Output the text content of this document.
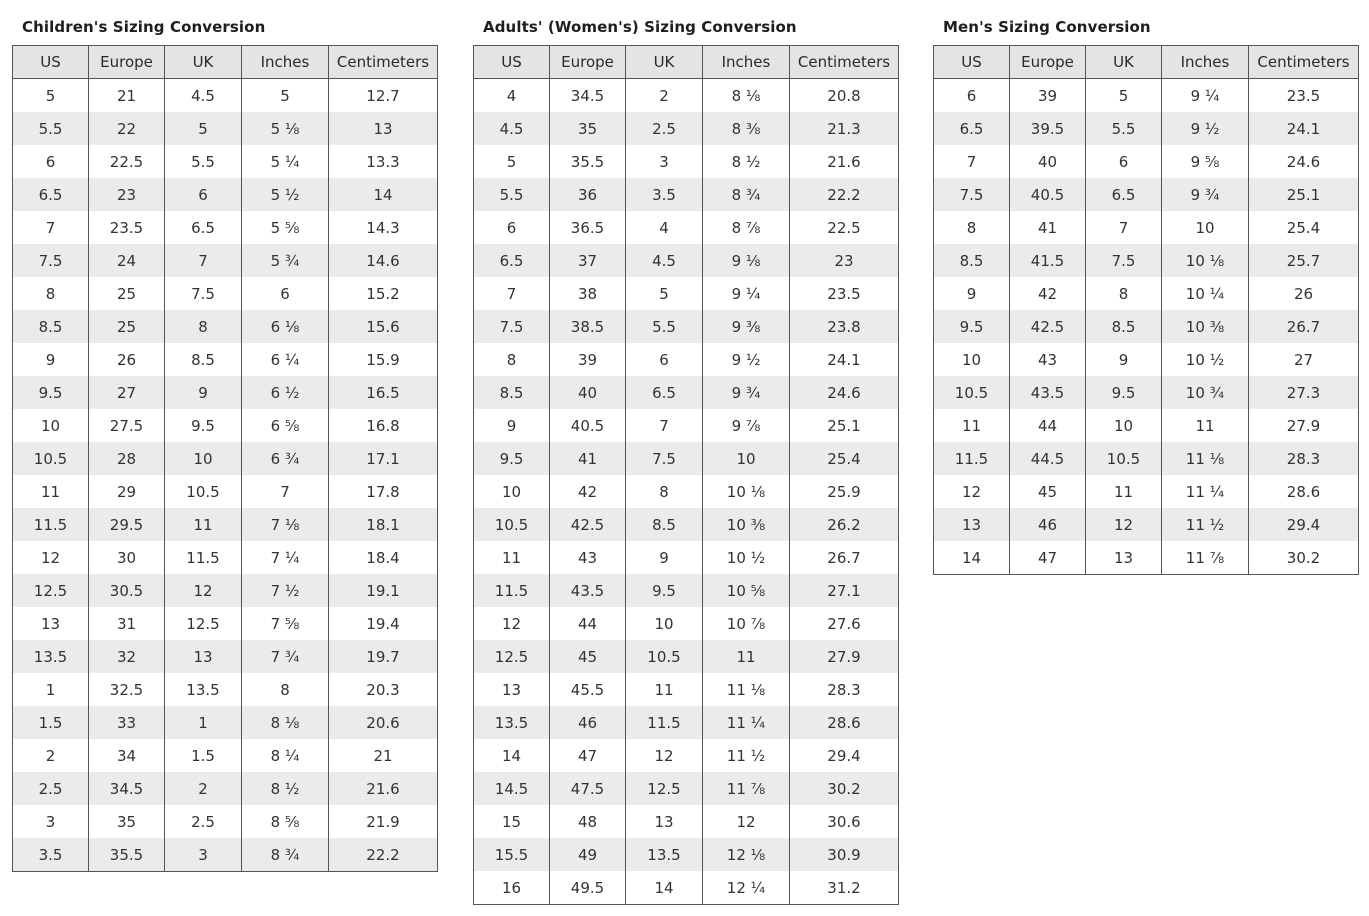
Children's Sizing Conversion
US	Europe	UK	Inches	Centimeters
5	21	4.5	5	12.7
5.5	22	5	5 ⅛	13
6	22.5	5.5	5 ¼	13.3
6.5	23	6	5 ½	14
7	23.5	6.5	5 ⅝	14.3
7.5	24	7	5 ¾	14.6
8	25	7.5	6	15.2
8.5	25	8	6 ⅛	15.6
9	26	8.5	6 ¼	15.9
9.5	27	9	6 ½	16.5
10	27.5	9.5	6 ⅝	16.8
10.5	28	10	6 ¾	17.1
11	29	10.5	7	17.8
11.5	29.5	11	7 ⅛	18.1
12	30	11.5	7 ¼	18.4
12.5	30.5	12	7 ½	19.1
13	31	12.5	7 ⅝	19.4
13.5	32	13	7 ¾	19.7
1	32.5	13.5	8	20.3
1.5	33	1	8 ⅛	20.6
2	34	1.5	8 ¼	21
2.5	34.5	2	8 ½	21.6
3	35	2.5	8 ⅝	21.9
3.5	35.5	3	8 ¾	22.2
Adults' (Women's) Sizing Conversion
US	Europe	UK	Inches	Centimeters
4	34.5	2	8 ⅛	20.8
4.5	35	2.5	8 ⅜	21.3
5	35.5	3	8 ½	21.6
5.5	36	3.5	8 ¾	22.2
6	36.5	4	8 ⅞	22.5
6.5	37	4.5	9 ⅛	23
7	38	5	9 ¼	23.5
7.5	38.5	5.5	9 ⅜	23.8
8	39	6	9 ½	24.1
8.5	40	6.5	9 ¾	24.6
9	40.5	7	9 ⅞	25.1
9.5	41	7.5	10	25.4
10	42	8	10 ⅛	25.9
10.5	42.5	8.5	10 ⅜	26.2
11	43	9	10 ½	26.7
11.5	43.5	9.5	10 ⅝	27.1
12	44	10	10 ⅞	27.6
12.5	45	10.5	11	27.9
13	45.5	11	11 ⅛	28.3
13.5	46	11.5	11 ¼	28.6
14	47	12	11 ½	29.4
14.5	47.5	12.5	11 ⅞	30.2
15	48	13	12	30.6
15.5	49	13.5	12 ⅛	30.9
16	49.5	14	12 ¼	31.2
Men's Sizing Conversion
US	Europe	UK	Inches	Centimeters
6	39	5	9 ¼	23.5
6.5	39.5	5.5	9 ½	24.1
7	40	6	9 ⅝	24.6
7.5	40.5	6.5	9 ¾	25.1
8	41	7	10	25.4
8.5	41.5	7.5	10 ⅛	25.7
9	42	8	10 ¼	26
9.5	42.5	8.5	10 ⅜	26.7
10	43	9	10 ½	27
10.5	43.5	9.5	10 ¾	27.3
11	44	10	11	27.9
11.5	44.5	10.5	11 ⅛	28.3
12	45	11	11 ¼	28.6
13	46	12	11 ½	29.4
14	47	13	11 ⅞	30.2
